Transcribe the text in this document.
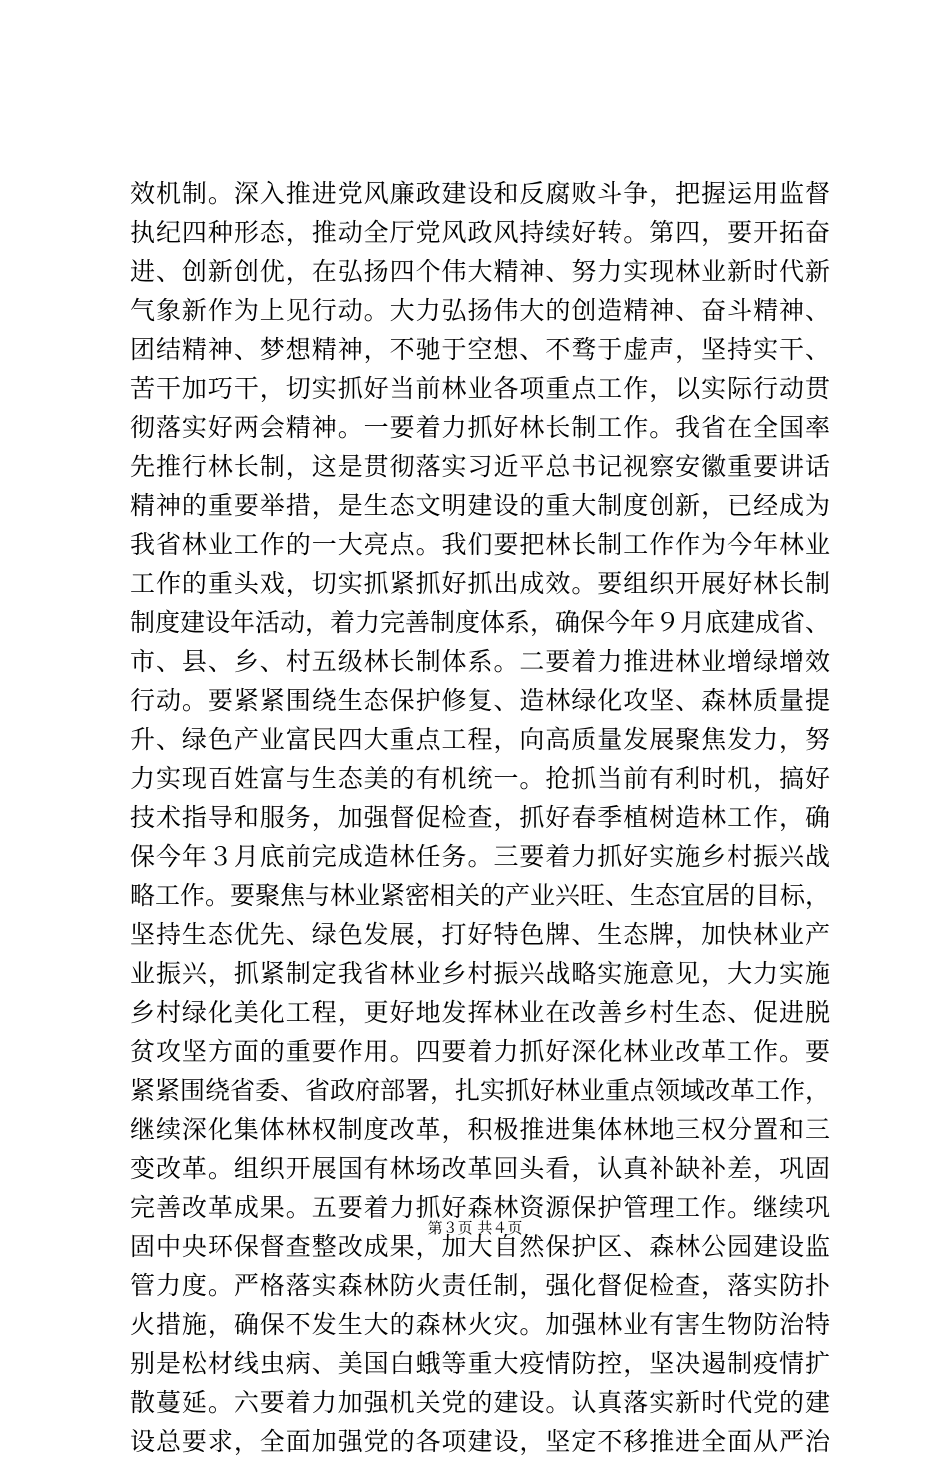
效机制。深入推进党风廉政建设和反腐败斗争，把握运用监督
执纪四种形态，推动全厅党风政风持续好转。第四，要开拓奋
进、创新创优，在弘扬四个伟大精神、努力实现林业新时代新
气象新作为上见行动。大力弘扬伟大的创造精神、奋斗精神、
团结精神、梦想精神，不驰于空想、不骛于虚声，坚持实干、
苦干加巧干，切实抓好当前林业各项重点工作，以实际行动贯
彻落实好两会精神。一要着力抓好林长制工作。我省在全国率
先推行林长制，这是贯彻落实习近平总书记视察安徽重要讲话
精神的重要举措，是生态文明建设的重大制度创新，已经成为
我省林业工作的一大亮点。我们要把林长制工作作为今年林业
工作的重头戏，切实抓紧抓好抓出成效。要组织开展好林长制
制度建设年活动，着力完善制度体系，确保今年９月底建成省、
市、县、乡、村五级林长制体系。二要着力推进林业增绿增效
行动。要紧紧围绕生态保护修复、造林绿化攻坚、森林质量提
升、绿色产业富民四大重点工程，向高质量发展聚焦发力，努
力实现百姓富与生态美的有机统一。抢抓当前有利时机，搞好
技术指导和服务，加强督促检查，抓好春季植树造林工作，确
保今年３月底前完成造林任务。三要着力抓好实施乡村振兴战
略工作。要聚焦与林业紧密相关的产业兴旺、生态宜居的目标，
坚持生态优先、绿色发展，打好特色牌、生态牌，加快林业产
业振兴，抓紧制定我省林业乡村振兴战略实施意见，大力实施
乡村绿化美化工程，更好地发挥林业在改善乡村生态、促进脱
贫攻坚方面的重要作用。四要着力抓好深化林业改革工作。要
紧紧围绕省委、省政府部署，扎实抓好林业重点领域改革工作，
继续深化集体林权制度改革，积极推进集体林地三权分置和三
变改革。组织开展国有林场改革回头看，认真补缺补差，巩固
完善改革成果。五要着力抓好森林资源保护管理工作。继续巩
固中央环保督查整改成果，加大自然保护区、森林公园建设监
管力度。严格落实森林防火责任制，强化督促检查，落实防扑
火措施，确保不发生大的森林火灾。加强林业有害生物防治特
别是松材线虫病、美国白蛾等重大疫情防控，坚决遏制疫情扩
散蔓延。六要着力加强机关党的建设。认真落实新时代党的建
设总要求，全面加强党的各项建设，坚定不移推进全面从严治
第３页 共４页
